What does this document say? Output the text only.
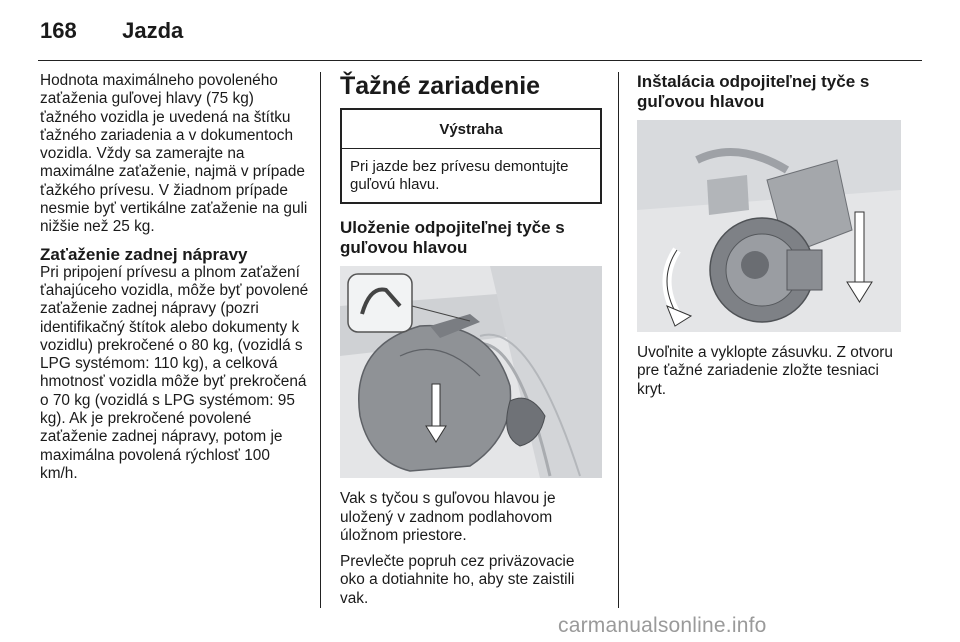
168 Jazda

Hodnota maximálneho povoleného zaťaženia guľovej hlavy (75 kg) ťažného vozidla je uvedená na štítku ťažného zariadenia a v dokumentoch vozidla. Vždy sa zamerajte na maximálne zaťaženie, najmä v prípade ťažkého prívesu. V žiadnom prípade nesmie byť vertikálne zaťaženie na guli nižšie než 25 kg.

Zaťaženie zadnej nápravy

Pri pripojení prívesu a plnom zaťažení ťahajúceho vozidla, môže byť povolené zaťaženie zadnej nápravy (pozri identifikačný štítok alebo dokumenty k vozidlu) prekročené o 80 kg, (vozidlá s LPG systémom: 110 kg), a celková hmotnosť vozidla môže byť prekročená o 70 kg (vozidlá s LPG systémom: 95 kg). Ak je prekročené povolené zaťaženie zadnej nápravy, potom je maximálna povolená rýchlosť 100 km/h.

Ťažné zariadenie
Výstraha
Pri jazde bez prívesu demontujte guľovú hlavu.
Uloženie odpojiteľnej tyče s guľovou hlavou

Vak s tyčou s guľovou hlavou je uložený v zadnom podlahovom úložnom priestore.

Prevlečte popruh cez priväzovacie oko a dotiahnite ho, aby ste zaistili vak.

Inštalácia odpojiteľnej tyče s guľovou hlavou

Uvoľnite a vyklopte zásuvku. Z otvoru pre ťažné zariadenie zložte tesniaci kryt.

carmanualsonline.info
